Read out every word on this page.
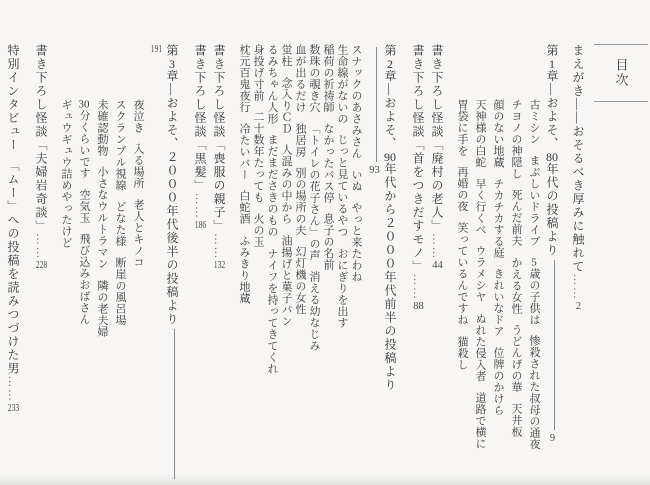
目次
まえがき――おそるべき厚みに触れて……2
第1章―およそ、80年代の投稿より9
古ミシンまぶしいドライブ5歳の子供は惨殺された叔母の通夜
チヨノの神隠し死んだ前夫かえる女性うどんげの華天井板
顔のない地蔵チカチカする庭きれいなドア位牌のかけら
天神様の白蛇早く行くべウラメシヤぬれた侵入者道路で横に
胃袋に手を再婚の夜笑っているんですね猫殺し
書き下ろし怪談「廃村の老人」……44
書き下ろし怪談「首をつきだすモノ」……88
第2章―およそ、90年代から２０００年代前半の投稿より93
スナックのあさみさんいぬやっと来たわね
生命線がないのじっと見ているやつおにぎりを出す
稲荷の祈祷師なかったバス停息子の名前
数珠の覗き穴「トイレの花子さん」の声消える幼なじみ
血が出るだけ独居房別の場所の夫幻灯機の女性
蛍柱念入りＣＤ人混みの中から油揚げと菓子パン
るみちゃん人形まだまださきのものナイフを持ってきてくれ
身投げ寸前二十数年たっても火の玉
枕元百鬼夜行冷たいバー白蛇酒ふみきり地蔵
書き下ろし怪談「喪服の親子」……132
書き下ろし怪談「黒髪」……186
第3章―およそ、２０００年代後半の投稿より191
夜泣き入る場所老人とキノコ
スクランブル視線どなた様断崖の風呂場
未確認動物小さなウルトラマン隣の老夫婦
30分くらいです空気玉飛び込みおばさん
ギュウギュウ詰めやったけど
書き下ろし怪談「夫婦岩奇談」……228
特別インタビュー　「ムー」への投稿を読みつづけた男……233
